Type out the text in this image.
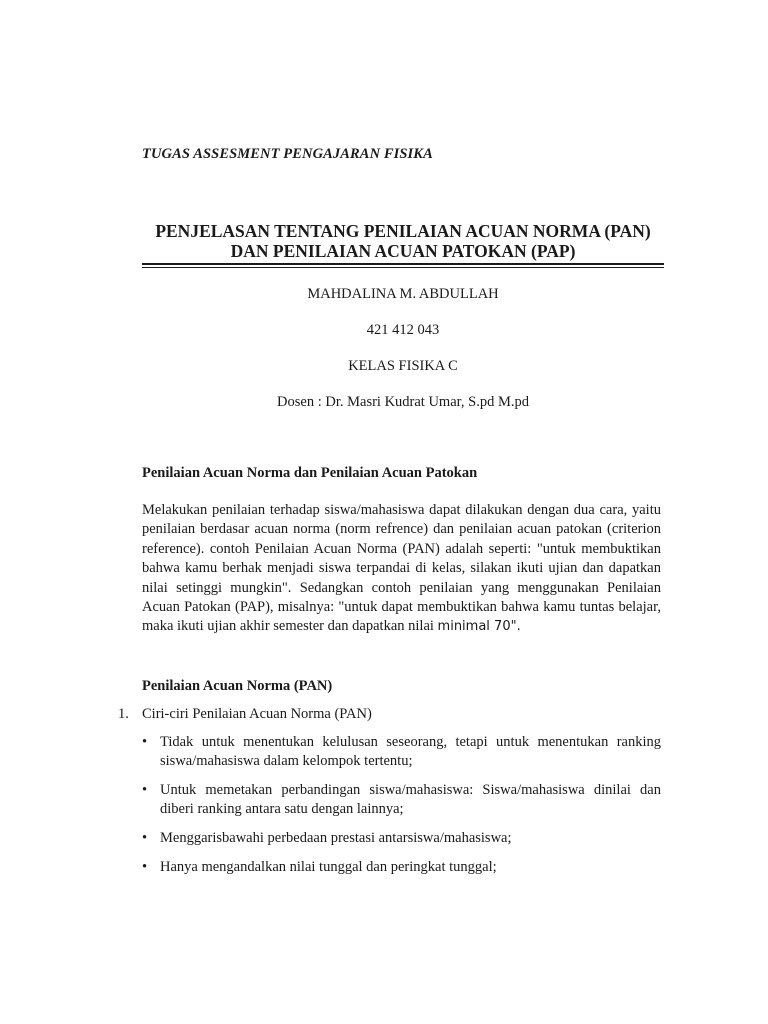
TUGAS ASSESMENT PENGAJARAN FISIKA
PENJELASAN TENTANG PENILAIAN ACUAN NORMA (PAN)
DAN PENILAIAN ACUAN PATOKAN (PAP)
MAHDALINA M. ABDULLAH
421 412 043
KELAS FISIKA C
Dosen : Dr. Masri Kudrat Umar, S.pd M.pd
Penilaian Acuan Norma dan Penilaian Acuan Patokan
Melakukan penilaian terhadap siswa/mahasiswa dapat dilakukan dengan dua cara, yaitu penilaian berdasar acuan norma (norm refrence) dan penilaian acuan patokan (criterion reference). contoh Penilaian Acuan Norma (PAN) adalah seperti: "untuk membuktikan bahwa kamu berhak menjadi siswa terpandai di kelas, silakan ikuti ujian dan dapatkan nilai setinggi mungkin". Sedangkan contoh penilaian yang menggunakan Penilaian Acuan Patokan (PAP), misalnya: "untuk dapat membuktikan bahwa kamu tuntas belajar, maka ikuti ujian akhir semester dan dapatkan nilai minimal 70".
Penilaian Acuan Norma (PAN)
1. Ciri-ciri Penilaian Acuan Norma (PAN)
• Tidak untuk menentukan kelulusan seseorang, tetapi untuk menentukan ranking siswa/mahasiswa dalam kelompok tertentu;
• Untuk memetakan perbandingan siswa/mahasiswa: Siswa/mahasiswa dinilai dan diberi ranking antara satu dengan lainnya;
• Menggarisbawahi perbedaan prestasi antarsiswa/mahasiswa;
• Hanya mengandalkan nilai tunggal dan peringkat tunggal;
